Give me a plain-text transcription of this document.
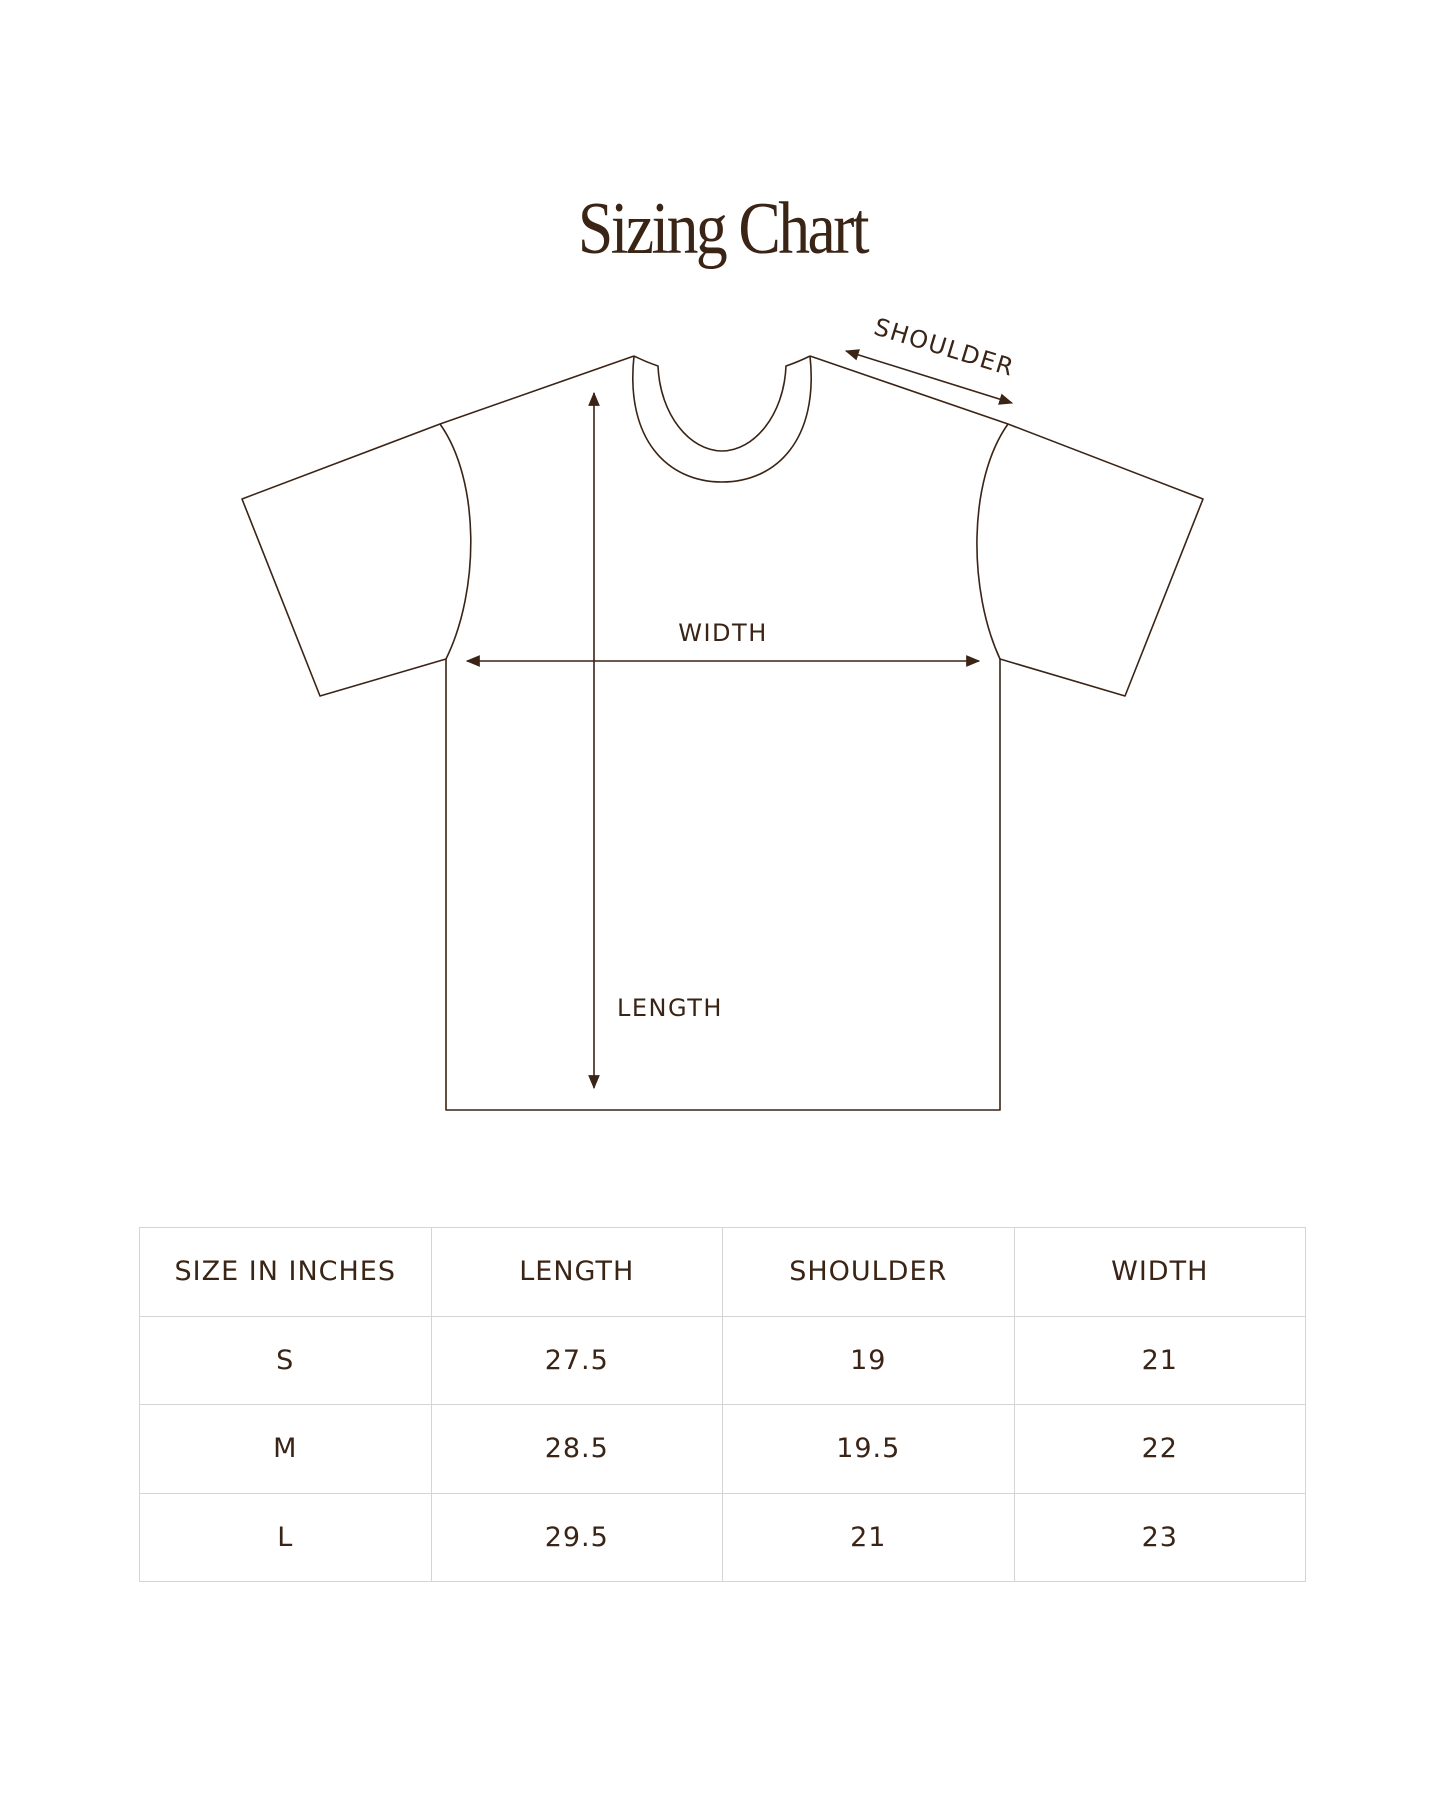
Sizing Chart
WIDTH
LENGTH
SHOULDER
SIZE IN INCHES	LENGTH	SHOULDER	WIDTH
S	27.5	19	21
M	28.5	19.5	22
L	29.5	21	23
